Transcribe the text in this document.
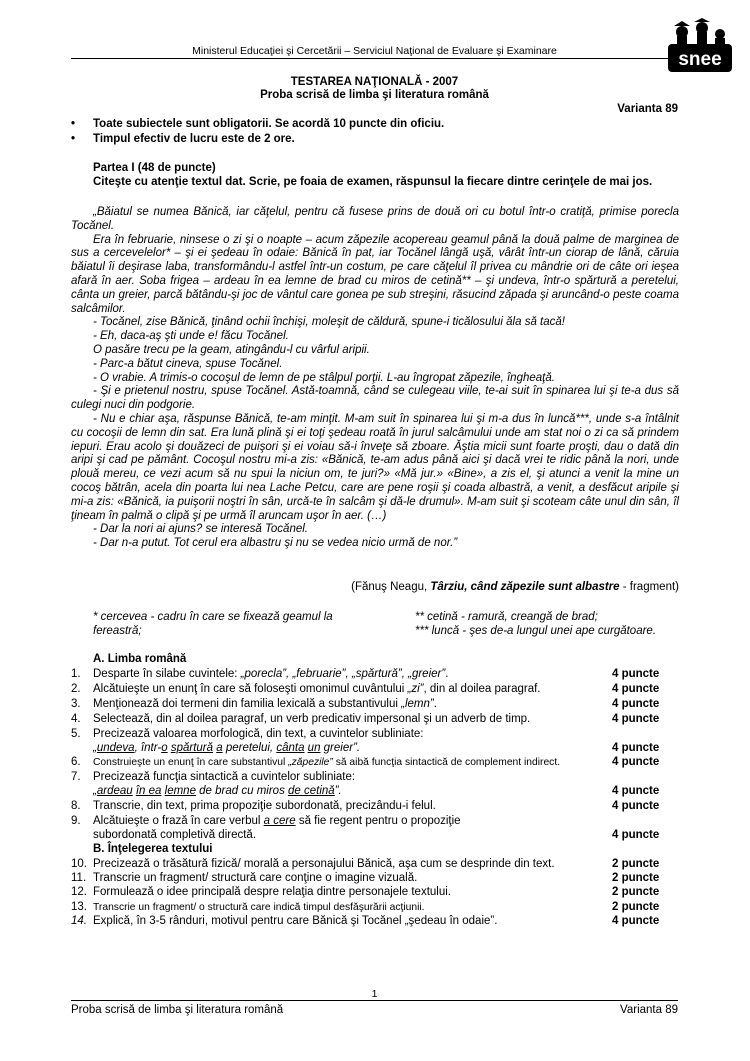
Ministerul Educaţiei şi Cercetării – Serviciul Naţional de Evaluare şi Examinare	snee
TESTAREA NAŢIONALĂ - 2007
Proba scrisă de limba şi literatura română
Varianta 89
• Toate subiectele sunt obligatorii. Se acordă 10 puncte din oficiu.
• Timpul efectiv de lucru este de 2 ore.
Partea I (48 de puncte)
Citeşte cu atenţie textul dat. Scrie, pe foaia de examen, răspunsul la fiecare dintre cerinţele de mai jos.
„Băiatul se numea Bănică, iar căţelul, pentru că fusese prins de două ori cu botul într-o cratiţă, primise porecla Tocănel.
Era în februarie, ninsese o zi şi o noapte – acum zăpezile acopereau geamul până la două palme de marginea de sus a cercevelelor* – şi ei şedeau în odaie: Bănică în pat, iar Tocănel lângă uşă, vârât într-un ciorap de lână, căruia băiatul îi deşirase laba, transformându-l astfel într-un costum, pe care căţelul îl privea cu mândrie ori de câte ori ieşea afară în aer. Soba frigea – ardeau în ea lemne de brad cu miros de cetină** – şi undeva, într-o spărtură a peretelui, cânta un greier, parcă bătându-şi joc de vântul care gonea pe sub streşini, răsucind zăpada şi aruncând-o peste coama salcâmilor.
- Tocănel, zise Bănică, ţinând ochii închişi, moleşit de căldură, spune-i ticălosului ăla să tacă!
- Eh, daca-aş şti unde e! făcu Tocănel.
O pasăre trecu pe la geam, atingându-l cu vârful aripii.
- Parc-a bătut cineva, spuse Tocănel.
- O vrabie. A trimis-o cocoşul de lemn de pe stâlpul porţii. L-au îngropat zăpezile, îngheaţă.
- Şi e prietenul nostru, spuse Tocănel. Astă-toamnă, când se culegeau viile, te-ai suit în spinarea lui şi te-a dus să culegi nuci din podgorie.
- Nu e chiar aşa, răspunse Bănică, te-am minţit. M-am suit în spinarea lui şi m-a dus în luncă***, unde s-a întâlnit cu cocoşii de lemn din sat. Era lună plină şi ei toţi şedeau roată în jurul salcâmului unde am stat noi o zi ca să prindem iepuri. Erau acolo şi douăzeci de puişori şi ei voiau să-i înveţe să zboare. Ăştia micii sunt foarte proşti, dau o dată din aripi şi cad pe pământ. Cocoşul nostru mi-a zis: «Bănică, te-am adus până aici şi dacă vrei te ridic până la nori, unde plouă mereu, ce vezi acum să nu spui la niciun om, te juri?» «Mă jur.» «Bine», a zis el, şi atunci a venit la mine un cocoş bătrân, acela din poarta lui nea Lache Petcu, care are pene roşii şi coada albastră, a venit, a desfăcut aripile şi mi-a zis: «Bănică, ia puişorii noştri în sân, urcă-te în salcâm şi dă-le drumul». M-am suit şi scoteam câte unul din sân, îl ţineam în palmă o clipă şi pe urmă îl aruncam uşor în aer. (…)
- Dar la nori ai ajuns? se interesă Tocănel.
- Dar n-a putut. Tot cerul era albastru şi nu se vedea nicio urmă de nor.”
(Fănuş Neagu, Târziu, când zăpezile sunt albastre - fragment)
* cercevea - cadru în care se fixează geamul la
fereastră;
** cetină - ramură, creangă de brad;
*** luncă - şes de-a lungul unei ape curgătoare.
A. Limba română
1.	Desparte în silabe cuvintele: „porecla”, „februarie”, „spărtură”, „greier”.	4 puncte
2.	Alcătuieşte un enunţ în care să foloseşti omonimul cuvântului „zi”, din al doilea paragraf.	4 puncte
3.	Menţionează doi termeni din familia lexicală a substantivului „lemn”.	4 puncte
4.	Selectează, din al doilea paragraf, un verb predicativ impersonal şi un adverb de timp.	4 puncte
5.	Precizează valoarea morfologică, din text, a cuvintelor subliniate:
„undeva, într-o spărtură a peretelui, cânta un greier”.	4 puncte
6.	Construieşte un enunţ în care substantivul „zăpezile” să aibă funcţia sintactică de complement indirect.	4 puncte
7.	Precizează funcţia sintactică a cuvintelor subliniate:
„ardeau în ea lemne de brad cu miros de cetină”.	4 puncte
8.	Transcrie, din text, prima propoziţie subordonată, precizându-i felul.	4 puncte
9.	Alcătuieşte o frază în care verbul a cere să fie regent pentru o propoziţie
subordonată completivă directă.	4 puncte
B. Înţelegerea textului
10. Precizează o trăsătură fizică/ morală a personajului Bănică, aşa cum se desprinde din text.	2 puncte
11. Transcrie un fragment/ structură care conţine o imagine vizuală.	2 puncte
12. Formulează o idee principală despre relaţia dintre personajele textului.	2 puncte
13. Transcrie un fragment/ o structură care indică timpul desfăşurării acţiunii.	2 puncte
14. Explică, în 3-5 rânduri, motivul pentru care Bănică şi Tocănel „şedeau în odaie”.	4 puncte
1
Proba scrisă de limba şi literatura română	Varianta 89
